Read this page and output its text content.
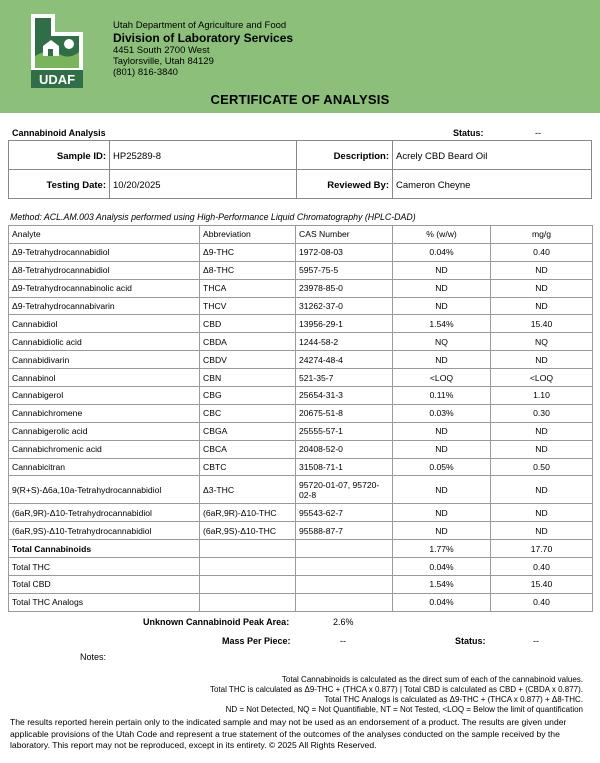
UDAF
Utah Department of Agriculture and Food
Division of Laboratory Services
4451 South 2700 West
Taylorsville, Utah 84129
(801) 816-3840
CERTIFICATE OF ANALYSIS
Cannabinoid Analysis	Status:	--
Sample ID: HP25289-8	Description: Acrely CBD Beard Oil
Testing Date: 10/20/2025	Reviewed By: Cameron Cheyne
Method: ACL.AM.003 Analysis performed using High-Performance Liquid Chromatography (HPLC-DAD)
Analyte	Abbreviation	CAS Number	% (w/w)	mg/g
Δ9-Tetrahydrocannabidiol	Δ9-THC	1972-08-03	0.04%	0.40
Δ8-Tetrahydrocannabidiol	Δ8-THC	5957-75-5	ND	ND
Δ9-Tetrahydrocannabinolic acid	THCA	23978-85-0	ND	ND
Δ9-Tetrahydrocannabivarin	THCV	31262-37-0	ND	ND
Cannabidiol	CBD	13956-29-1	1.54%	15.40
Cannabidiolic acid	CBDA	1244-58-2	NQ	NQ
Cannabidivarin	CBDV	24274-48-4	ND	ND
Cannabinol	CBN	521-35-7	<LOQ	<LOQ
Cannabigerol	CBG	25654-31-3	0.11%	1.10
Cannabichromene	CBC	20675-51-8	0.03%	0.30
Cannabigerolic acid	CBGA	25555-57-1	ND	ND
Cannabichromenic acid	CBCA	20408-52-0	ND	ND
Cannabicitran	CBTC	31508-71-1	0.05%	0.50
9(R+S)-Δ6a,10a-Tetrahydrocannabidiol	Δ3-THC	95720-01-07, 95720-02-8	ND	ND
(6aR,9R)-Δ10-Tetrahydrocannabidiol	(6aR,9R)-Δ10-THC	95543-62-7	ND	ND
(6aR,9S)-Δ10-Tetrahydrocannabidiol	(6aR,9S)-Δ10-THC	95588-87-7	ND	ND
Total Cannabinoids			1.77%	17.70
Total THC			0.04%	0.40
Total CBD			1.54%	15.40
Total THC Analogs			0.04%	0.40
Unknown Cannabinoid Peak Area:	2.6%
Mass Per Piece:	--	Status:	--
Notes:
Total Cannabinoids is calculated as the direct sum of each of the cannabinoid values.
Total THC is calculated as Δ9-THC + (THCA x 0.877) | Total CBD is calculated as CBD + (CBDA x 0.877).
Total THC Analogs is calculated as Δ9-THC + (THCA x 0.877) + Δ8-THC.
ND = Not Detected, NQ = Not Quantifiable, NT = Not Tested, <LOQ = Below the limit of quantification
The results reported herein pertain only to the indicated sample and may not be used as an endorsement of a product. The results are given under applicable provisions of the Utah Code and represent a true statement of the outcomes of the analyses conducted on the sample received by the laboratory. This report may not be reproduced, except in its entirety. © 2025 All Rights Reserved.
